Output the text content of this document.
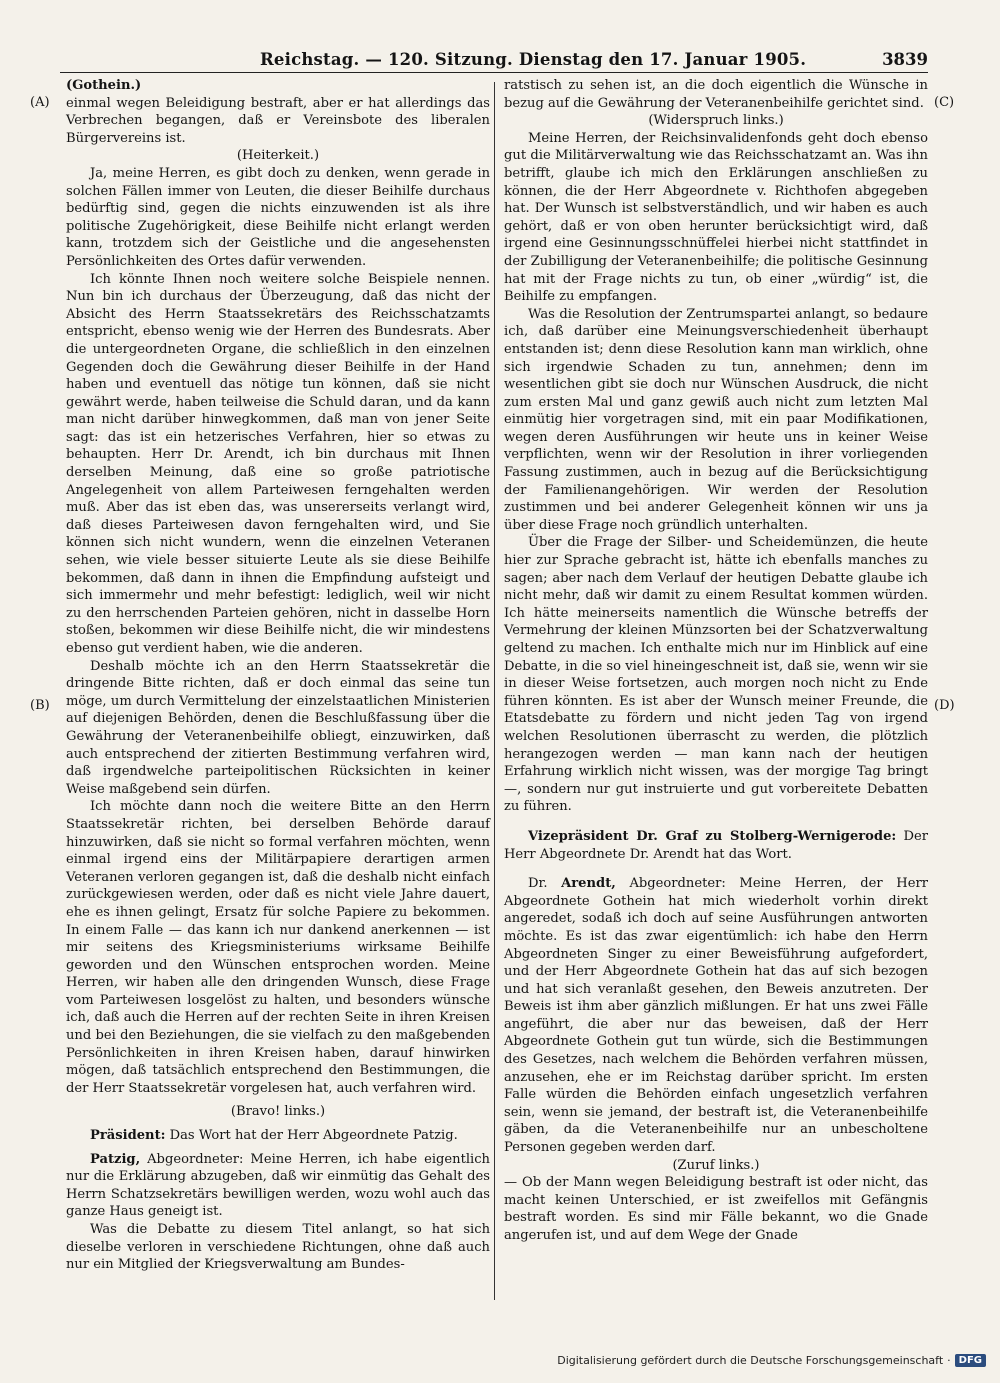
Reichstag. — 120. Sitzung. Dienstag den 17. Januar 1905.	3839
(A)
(B)
(C)
(D)

(Gothein.)

einmal wegen Beleidigung bestraft, aber er hat allerdings das Verbrechen begangen, daß er Vereinsbote des liberalen Bürgervereins ist.

(Heiterkeit.)

Ja, meine Herren, es gibt doch zu denken, wenn gerade in solchen Fällen immer von Leuten, die dieser Beihilfe durchaus bedürftig sind, gegen die nichts einzuwenden ist als ihre politische Zugehörigkeit, diese Beihilfe nicht erlangt werden kann, trotzdem sich der Geistliche und die angesehensten Persönlichkeiten des Ortes dafür verwenden.

Ich könnte Ihnen noch weitere solche Beispiele nennen. Nun bin ich durchaus der Überzeugung, daß das nicht der Absicht des Herrn Staatssekretärs des Reichsschatzamts entspricht, ebenso wenig wie der Herren des Bundesrats. Aber die untergeordneten Organe, die schließlich in den einzelnen Gegenden doch die Gewährung dieser Beihilfe in der Hand haben und eventuell das nötige tun können, daß sie nicht gewährt werde, haben teilweise die Schuld daran, und da kann man nicht darüber hinwegkommen, daß man von jener Seite sagt: das ist ein hetzerisches Verfahren, hier so etwas zu behaupten. Herr Dr. Arendt, ich bin durchaus mit Ihnen derselben Meinung, daß eine so große patriotische Angelegenheit von allem Parteiwesen ferngehalten werden muß. Aber das ist eben das, was unsererseits verlangt wird, daß dieses Parteiwesen davon ferngehalten wird, und Sie können sich nicht wundern, wenn die einzelnen Veteranen sehen, wie viele besser situierte Leute als sie diese Beihilfe bekommen, daß dann in ihnen die Empfindung aufsteigt und sich immermehr und mehr befestigt: lediglich, weil wir nicht zu den herrschenden Parteien gehören, nicht in dasselbe Horn stoßen, bekommen wir diese Beihilfe nicht, die wir mindestens ebenso gut verdient haben, wie die anderen.

Deshalb möchte ich an den Herrn Staatssekretär die dringende Bitte richten, daß er doch einmal das seine tun möge, um durch Vermittelung der einzelstaatlichen Ministerien auf diejenigen Behörden, denen die Beschlußfassung über die Gewährung der Veteranenbeihilfe obliegt, einzuwirken, daß auch entsprechend der zitierten Bestimmung verfahren wird, daß irgendwelche parteipolitischen Rücksichten in keiner Weise maßgebend sein dürfen.

Ich möchte dann noch die weitere Bitte an den Herrn Staatssekretär richten, bei derselben Behörde darauf hinzuwirken, daß sie nicht so formal verfahren möchten, wenn einmal irgend eins der Militärpapiere derartigen armen Veteranen verloren gegangen ist, daß die deshalb nicht einfach zurückgewiesen werden, oder daß es nicht viele Jahre dauert, ehe es ihnen gelingt, Ersatz für solche Papiere zu bekommen. In einem Falle — das kann ich nur dankend anerkennen — ist mir seitens des Kriegsministeriums wirksame Beihilfe geworden und den Wünschen entsprochen worden. Meine Herren, wir haben alle den dringenden Wunsch, diese Frage vom Parteiwesen losgelöst zu halten, und besonders wünsche ich, daß auch die Herren auf der rechten Seite in ihren Kreisen und bei den Beziehungen, die sie vielfach zu den maßgebenden Persönlichkeiten in ihren Kreisen haben, darauf hinwirken mögen, daß tatsächlich entsprechend den Bestimmungen, die der Herr Staatssekretär vorgelesen hat, auch verfahren wird.

(Bravo! links.)

Präsident: Das Wort hat der Herr Abgeordnete Patzig.

Patzig, Abgeordneter: Meine Herren, ich habe eigentlich nur die Erklärung abzugeben, daß wir einmütig das Gehalt des Herrn Schatzsekretärs bewilligen werden, wozu wohl auch das ganze Haus geneigt ist.

Was die Debatte zu diesem Titel anlangt, so hat sich dieselbe verloren in verschiedene Richtungen, ohne daß auch nur ein Mitglied der Kriegsverwaltung am Bundes-

ratstisch zu sehen ist, an die doch eigentlich die Wünsche in bezug auf die Gewährung der Veteranenbeihilfe gerichtet sind.

(Widerspruch links.)

Meine Herren, der Reichsinvalidenfonds geht doch ebenso gut die Militärverwaltung wie das Reichsschatzamt an. Was ihn betrifft, glaube ich mich den Erklärungen anschließen zu können, die der Herr Abgeordnete v. Richthofen abgegeben hat. Der Wunsch ist selbstverständlich, und wir haben es auch gehört, daß er von oben herunter berücksichtigt wird, daß irgend eine Gesinnungsschnüffelei hierbei nicht stattfindet in der Zubilligung der Veteranenbeihilfe; die politische Gesinnung hat mit der Frage nichts zu tun, ob einer „würdig“ ist, die Beihilfe zu empfangen.

Was die Resolution der Zentrumspartei anlangt, so bedaure ich, daß darüber eine Meinungsverschiedenheit überhaupt entstanden ist; denn diese Resolution kann man wirklich, ohne sich irgendwie Schaden zu tun, annehmen; denn im wesentlichen gibt sie doch nur Wünschen Ausdruck, die nicht zum ersten Mal und ganz gewiß auch nicht zum letzten Mal einmütig hier vorgetragen sind, mit ein paar Modifikationen, wegen deren Ausführungen wir heute uns in keiner Weise verpflichten, wenn wir der Resolution in ihrer vorliegenden Fassung zustimmen, auch in bezug auf die Berücksichtigung der Familienangehörigen. Wir werden der Resolution zustimmen und bei anderer Gelegenheit können wir uns ja über diese Frage noch gründlich unterhalten.

Über die Frage der Silber- und Scheidemünzen, die heute hier zur Sprache gebracht ist, hätte ich ebenfalls manches zu sagen; aber nach dem Verlauf der heutigen Debatte glaube ich nicht mehr, daß wir damit zu einem Resultat kommen würden. Ich hätte meinerseits namentlich die Wünsche betreffs der Vermehrung der kleinen Münzsorten bei der Schatzverwaltung geltend zu machen. Ich enthalte mich nur im Hinblick auf eine Debatte, in die so viel hineingeschneit ist, daß sie, wenn wir sie in dieser Weise fortsetzen, auch morgen noch nicht zu Ende führen könnten. Es ist aber der Wunsch meiner Freunde, die Etatsdebatte zu fördern und nicht jeden Tag von irgend welchen Resolutionen überrascht zu werden, die plötzlich herangezogen werden — man kann nach der heutigen Erfahrung wirklich nicht wissen, was der morgige Tag bringt —, sondern nur gut instruierte und gut vorbereitete Debatten zu führen.

Vizepräsident Dr. Graf zu Stolberg-Wernigerode: Der Herr Abgeordnete Dr. Arendt hat das Wort.

Dr. Arendt, Abgeordneter: Meine Herren, der Herr Abgeordnete Gothein hat mich wiederholt vorhin direkt angeredet, sodaß ich doch auf seine Ausführungen antworten möchte. Es ist das zwar eigentümlich: ich habe den Herrn Abgeordneten Singer zu einer Beweisführung aufgefordert, und der Herr Abgeordnete Gothein hat das auf sich bezogen und hat sich veranlaßt gesehen, den Beweis anzutreten. Der Beweis ist ihm aber gänzlich mißlungen. Er hat uns zwei Fälle angeführt, die aber nur das beweisen, daß der Herr Abgeordnete Gothein gut tun würde, sich die Bestimmungen des Gesetzes, nach welchem die Behörden verfahren müssen, anzusehen, ehe er im Reichstag darüber spricht. Im ersten Falle würden die Behörden einfach ungesetzlich verfahren sein, wenn sie jemand, der bestraft ist, die Veteranenbeihilfe gäben, da die Veteranenbeihilfe nur an unbescholtene Personen gegeben werden darf.

(Zuruf links.)

— Ob der Mann wegen Beleidigung bestraft ist oder nicht, das macht keinen Unterschied, er ist zweifellos mit Gefängnis bestraft worden. Es sind mir Fälle bekannt, wo die Gnade angerufen ist, und auf dem Wege der Gnade

Digitalisierung gefördert durch die Deutsche Forschungsgemeinschaft · DFG
